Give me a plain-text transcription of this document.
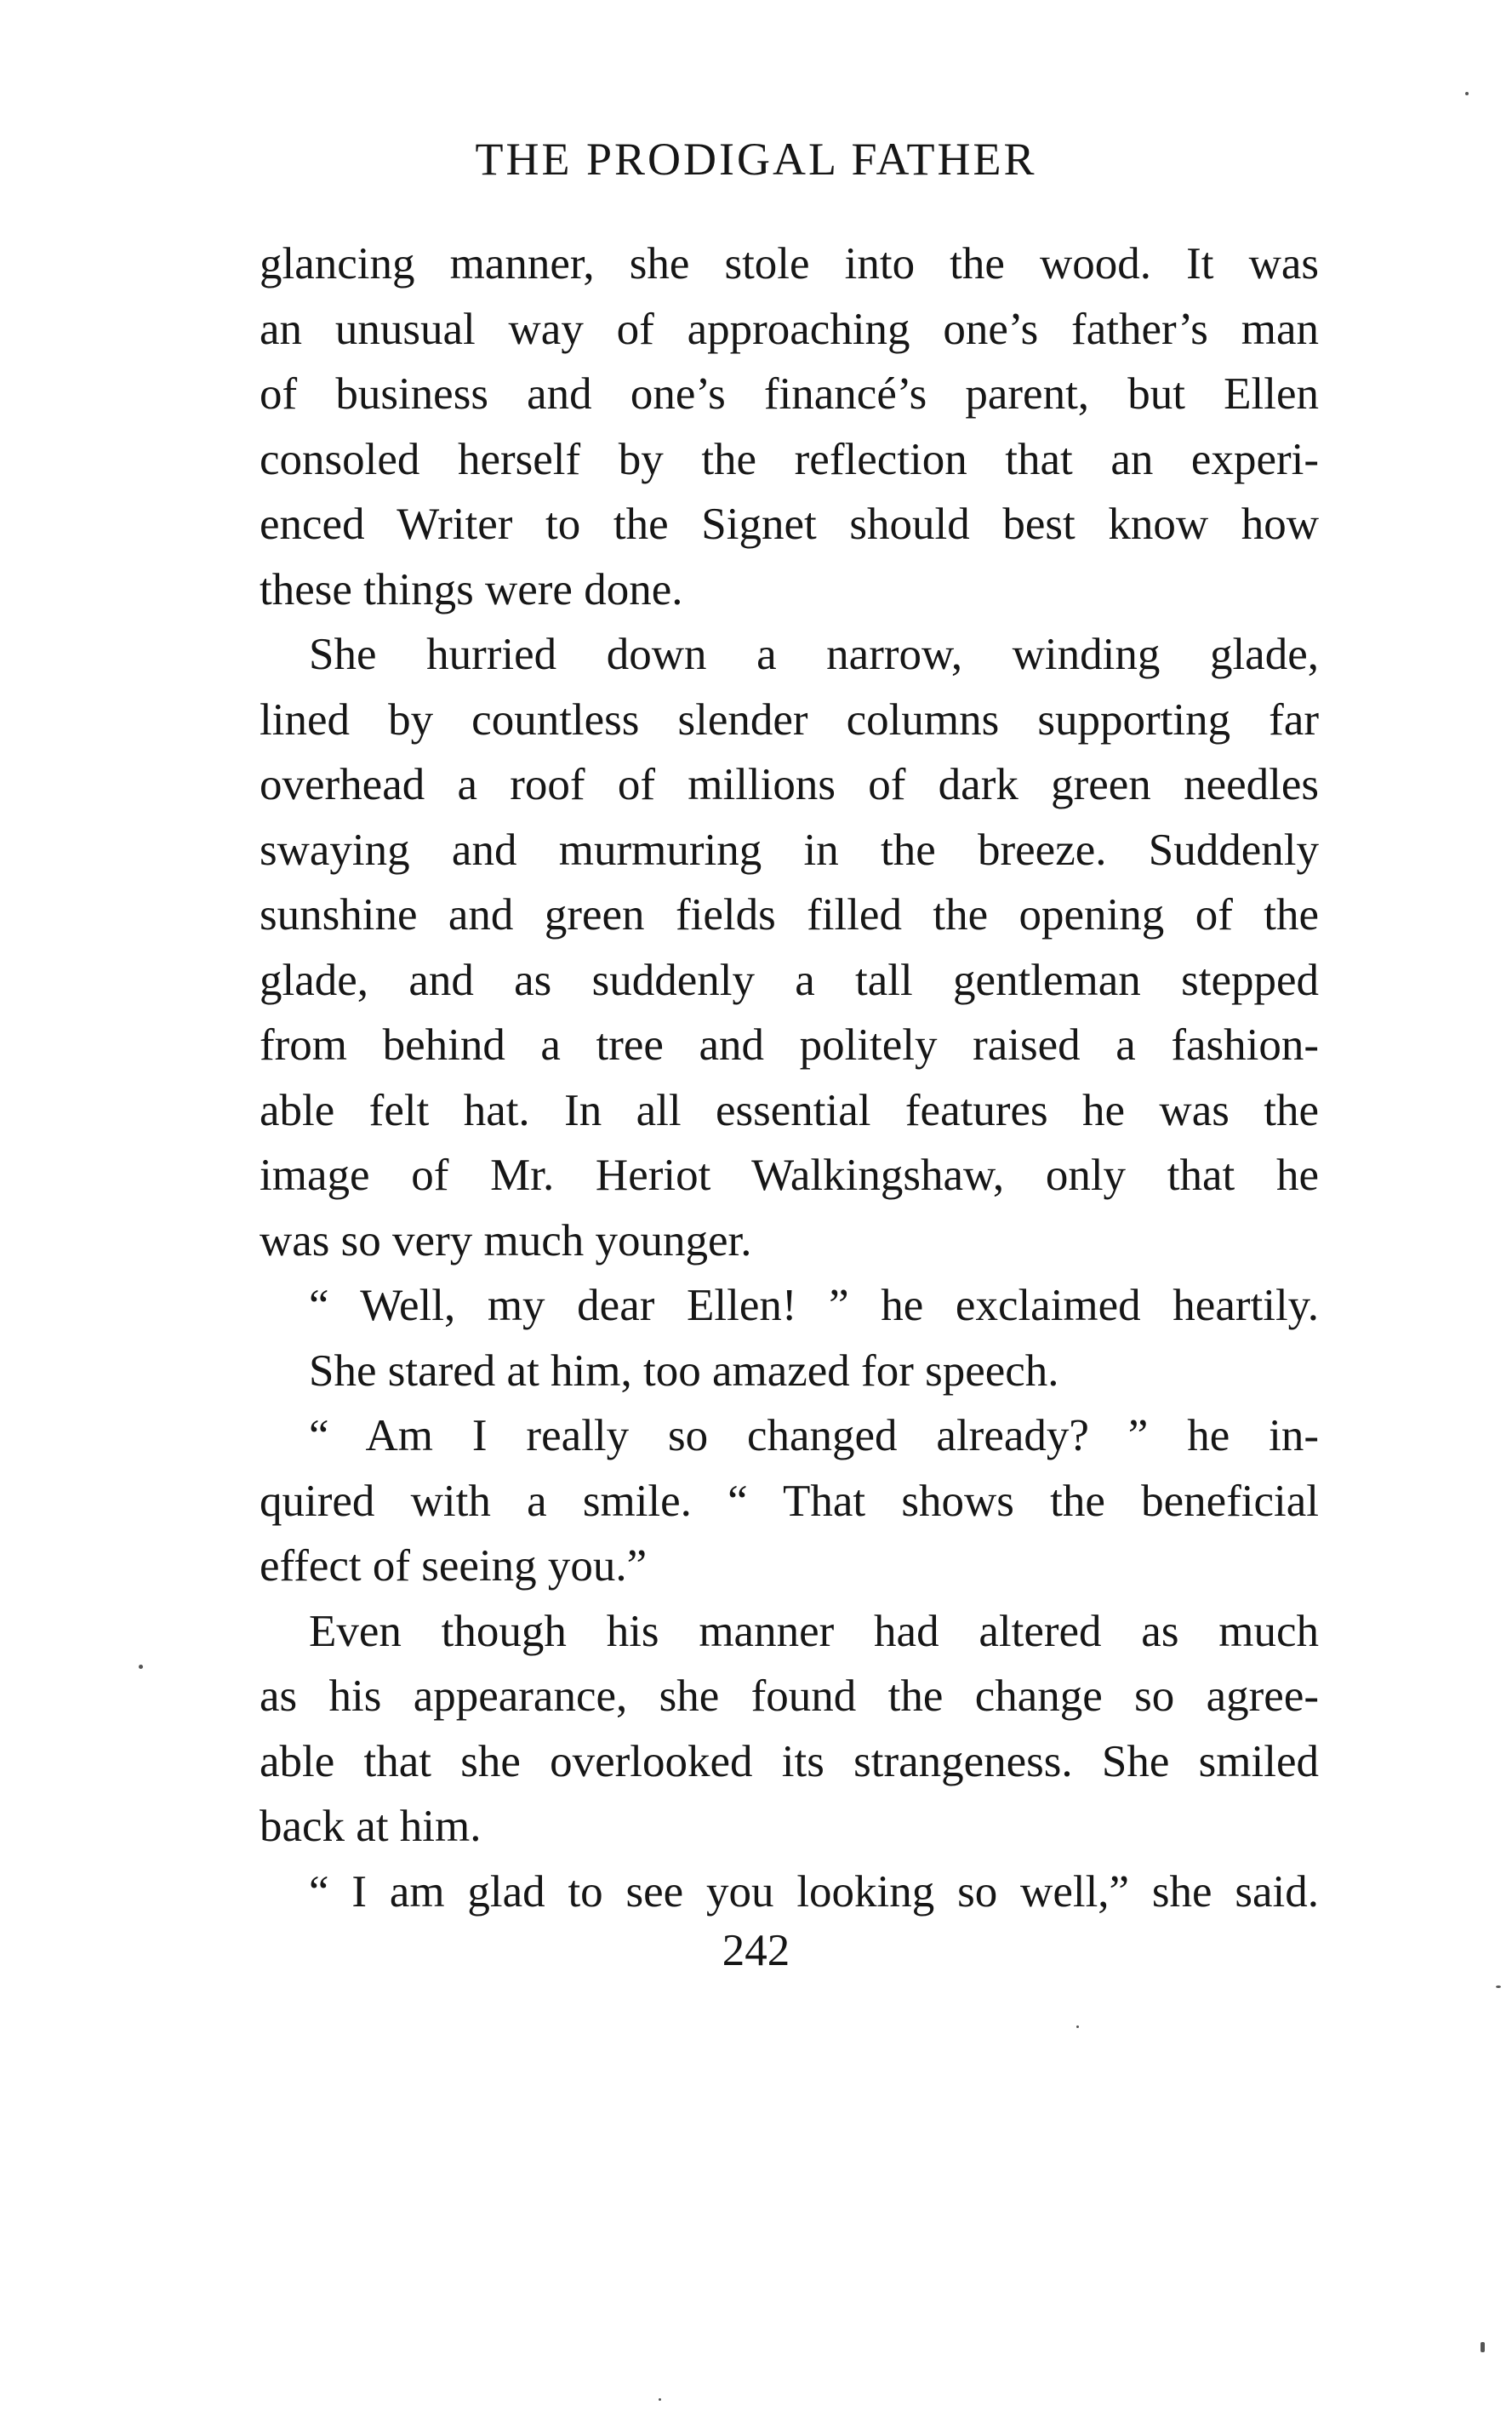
THE PRODIGAL FATHER
glancing manner, she stole into the wood. It was
an unusual way of approaching one’s father’s man
of business and one’s financé’s parent, but Ellen
consoled herself by the reflection that an experi-
enced Writer to the Signet should best know how
these things were done.
She hurried down a narrow, winding glade,
lined by countless slender columns supporting far
overhead a roof of millions of dark green needles
swaying and murmuring in the breeze. Suddenly
sunshine and green fields filled the opening of the
glade, and as suddenly a tall gentleman stepped
from behind a tree and politely raised a fashion-
able felt hat. In all essential features he was the
image of Mr. Heriot Walkingshaw, only that he
was so very much younger.
“ Well, my dear Ellen! ” he exclaimed heartily.
She stared at him, too amazed for speech.
“ Am I really so changed already? ” he in-
quired with a smile. “ That shows the beneficial
effect of seeing you.”
Even though his manner had altered as much
as his appearance, she found the change so agree-
able that she overlooked its strangeness. She smiled
back at him.
“ I am glad to see you looking so well,” she said.
242
